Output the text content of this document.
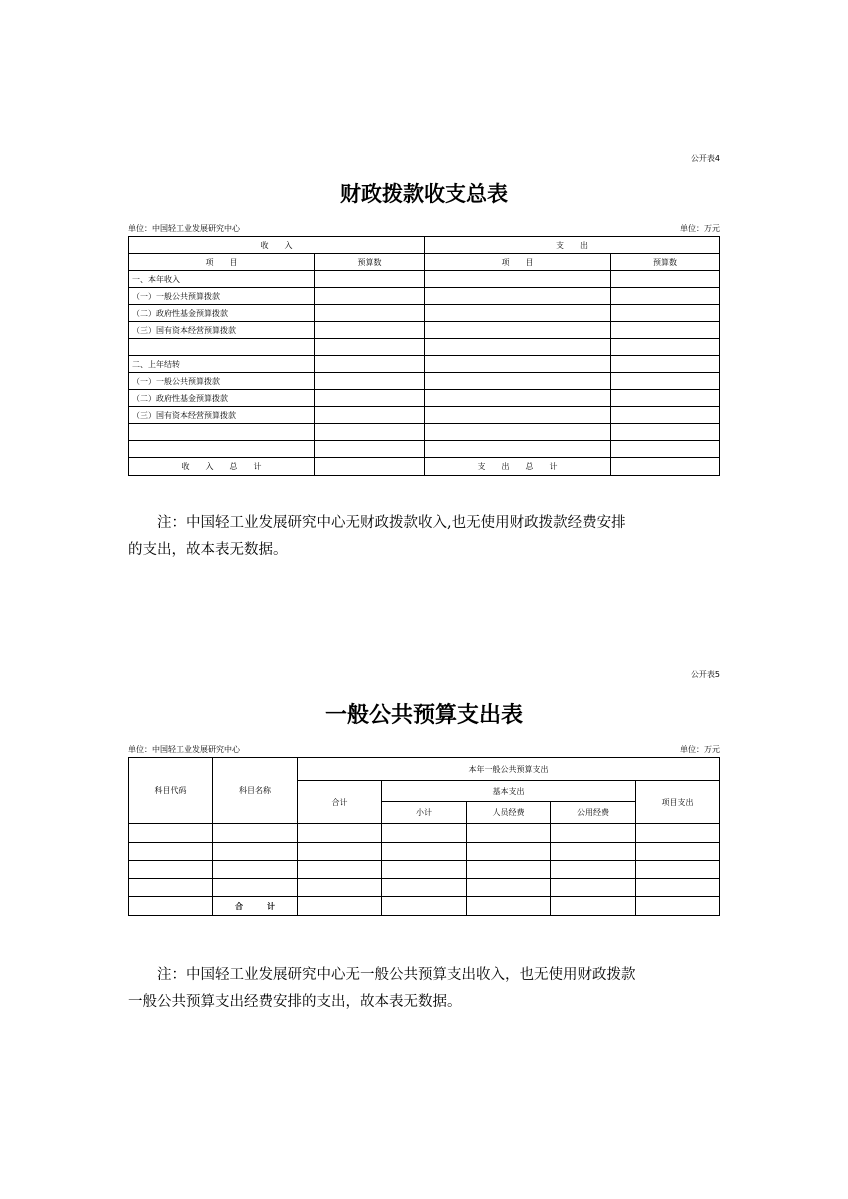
公开表4
财政拨款收支总表
单位：中国轻工业发展研究中心	单位：万元
收　　入		支　　出	
项　　目	预算数	项　　目	预算数
一、本年收入			
（一）一般公共预算拨款			
（二）政府性基金预算拨款			
（三）国有资本经营预算拨款			

二、上年结转			
（一）一般公共预算拨款			
（二）政府性基金预算拨款			
（三）国有资本经营预算拨款			

收　　入　　总　　计		支　　出　　总　　计	

注：中国轻工业发展研究中心无财政拨款收入,也无使用财政拨款经费安排

的支出，故本表无数据。

公开表5
一般公共预算支出表
单位：中国轻工业发展研究中心	单位：万元
科目代码	科目名称	本年一般公共预算支出				
		合计	基本支出			项目支出
			小计	人员经费	公用经费	

	合　　　计					

注：中国轻工业发展研究中心无一般公共预算支出收入，也无使用财政拨款

一般公共预算支出经费安排的支出，故本表无数据。
